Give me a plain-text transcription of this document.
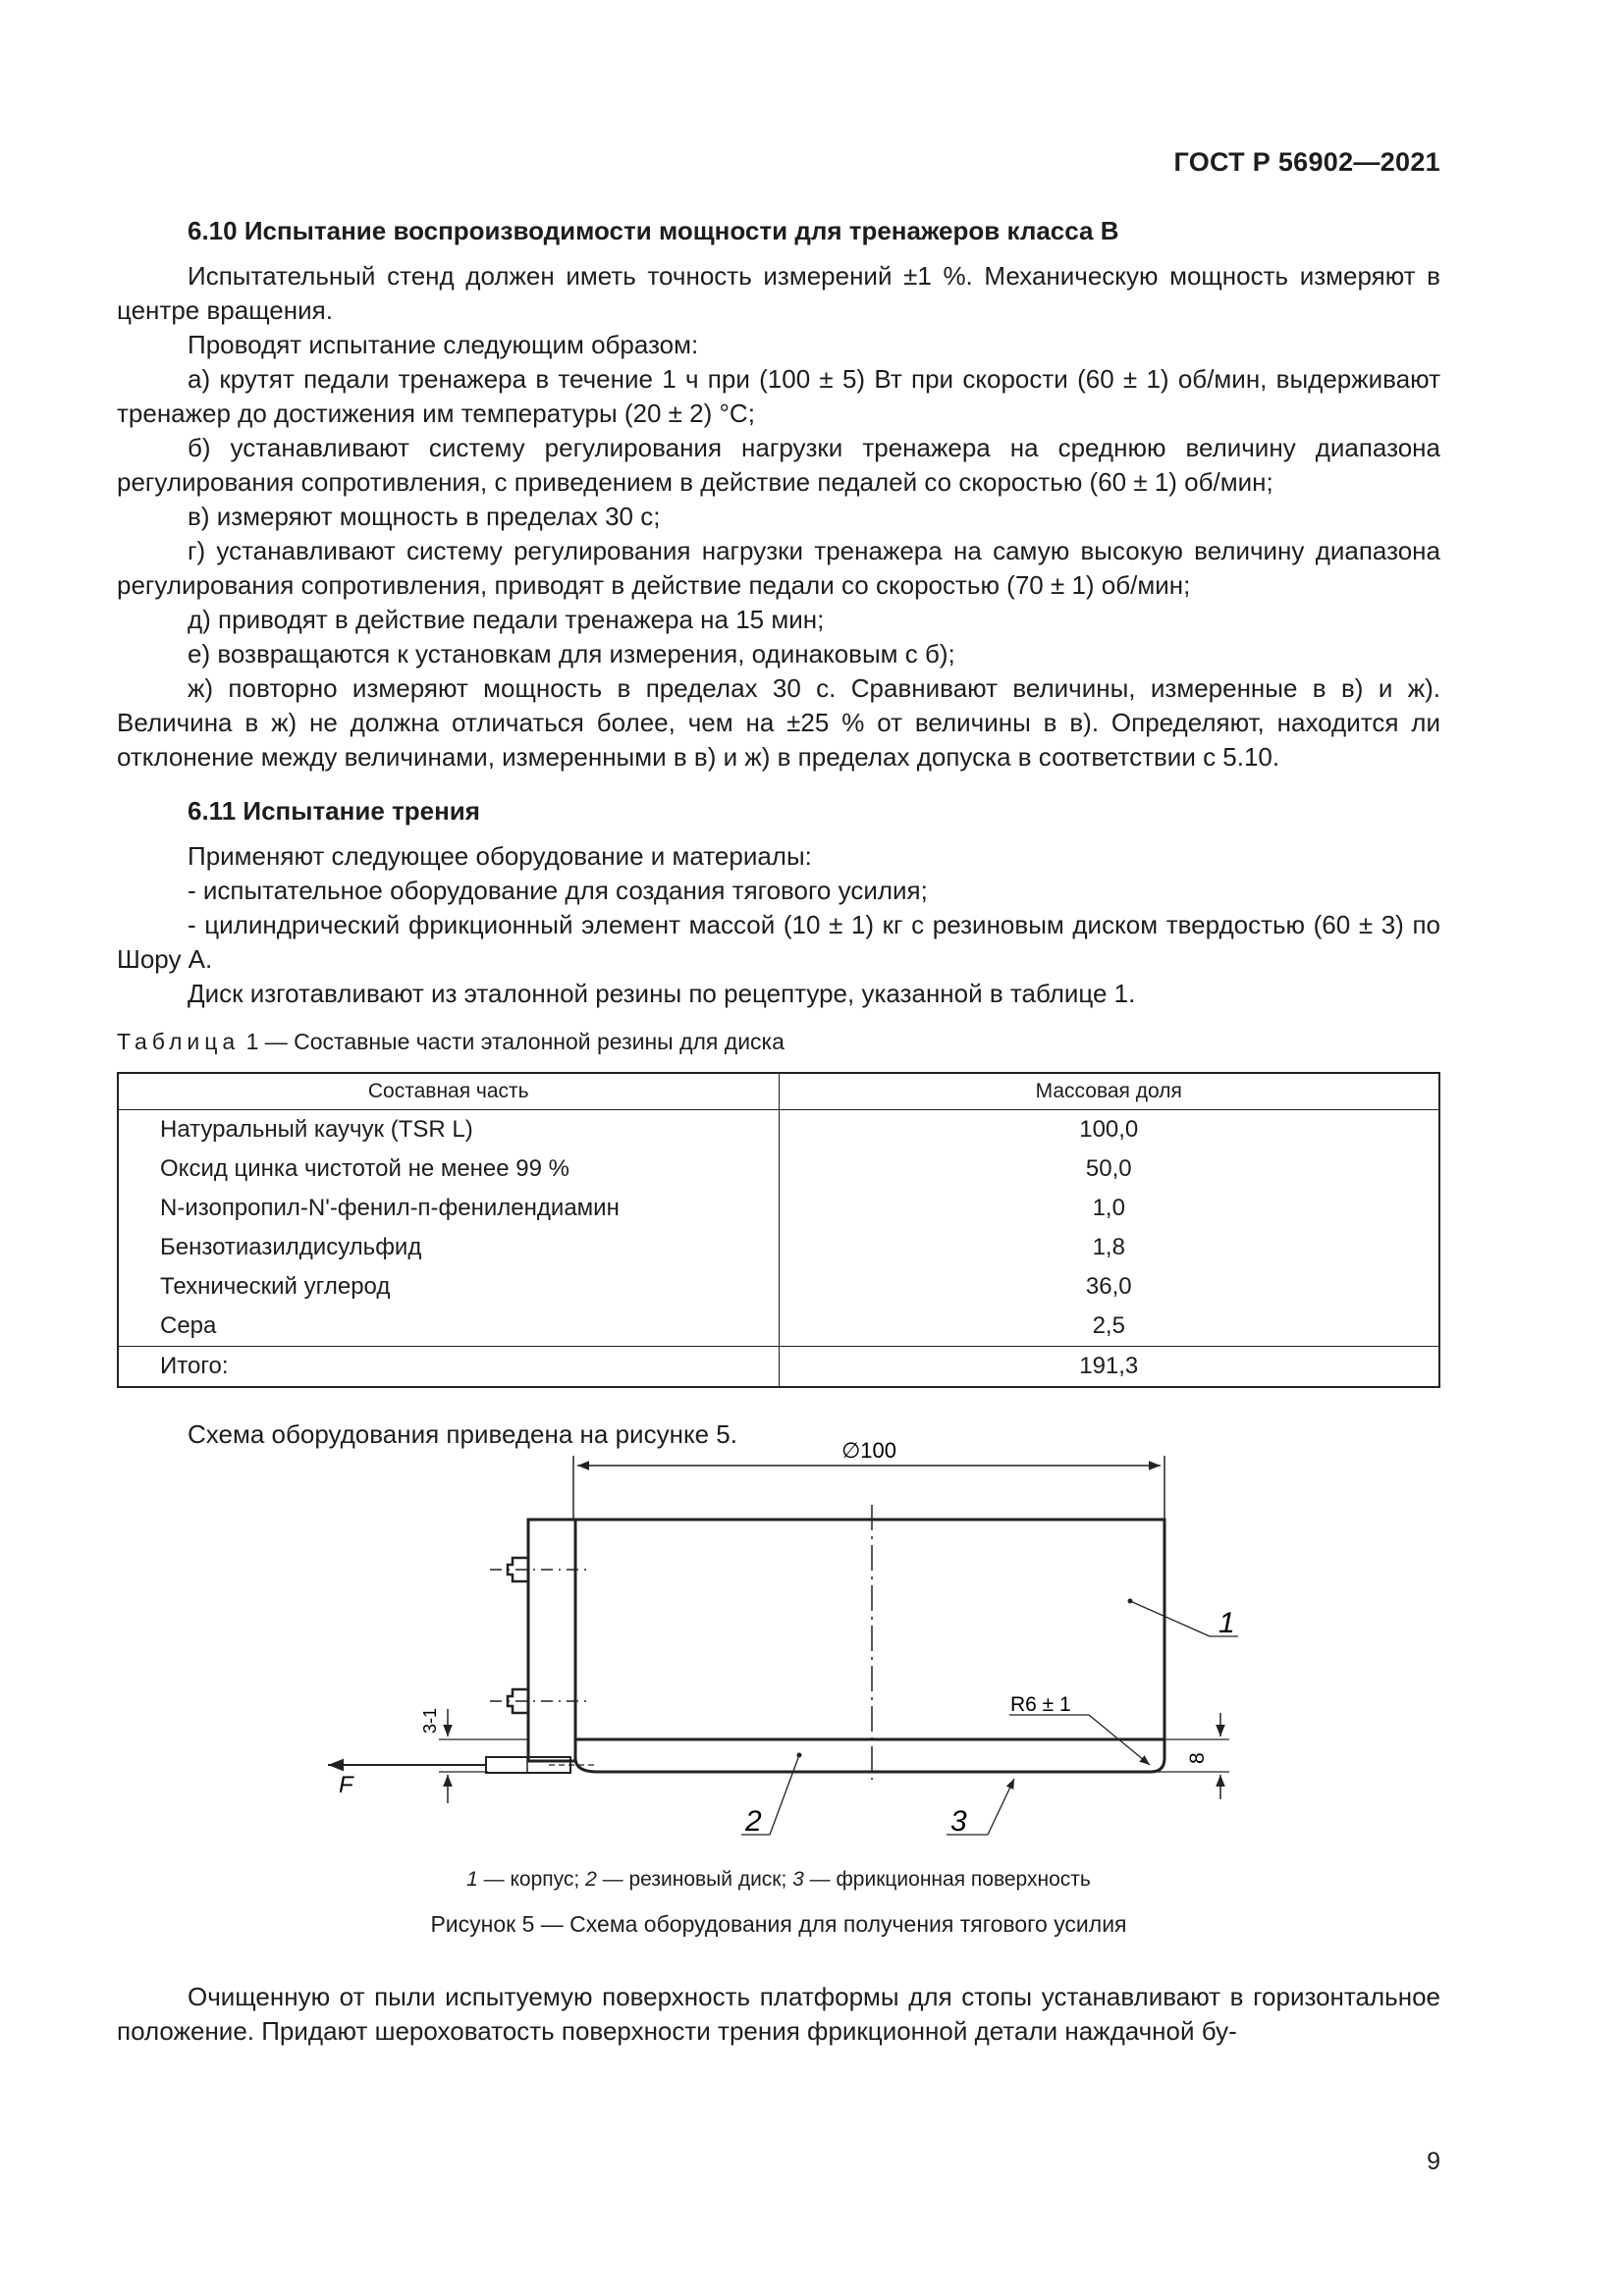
ГОСТ Р 56902—2021

6.10 Испытание воспроизводимости мощности для тренажеров класса В

Испытательный стенд должен иметь точность измерений ±1 %. Механическую мощность измеряют в центре вращения.

Проводят испытание следующим образом:

а) крутят педали тренажера в течение 1 ч при (100 ± 5) Вт при скорости (60 ± 1) об/мин, выдерживают тренажер до достижения им температуры (20 ± 2) °С;

б) устанавливают систему регулирования нагрузки тренажера на среднюю величину диапазона регулирования сопротивления, с приведением в действие педалей со скоростью (60 ± 1) об/мин;

в) измеряют мощность в пределах 30 с;

г) устанавливают систему регулирования нагрузки тренажера на самую высокую величину диапазона регулирования сопротивления, приводят в действие педали со скоростью (70 ± 1) об/мин;

д) приводят в действие педали тренажера на 15 мин;

е) возвращаются к установкам для измерения, одинаковым с б);

ж) повторно измеряют мощность в пределах 30 с. Сравнивают величины, измеренные в в) и ж). Величина в ж) не должна отличаться более, чем на ±25 % от величины в в). Определяют, находится ли отклонение между величинами, измеренными в в) и ж) в пределах допуска в соответствии с 5.10.

6.11 Испытание трения

Применяют следующее оборудование и материалы:

- испытательное оборудование для создания тягового усилия;

- цилиндрический фрикционный элемент массой (10 ± 1) кг с резиновым диском твердостью (60 ± 3) по Шору А.

Диск изготавливают из эталонной резины по рецептуре, указанной в таблице 1.

Таблица 1 — Составные части эталонной резины для диска

Составная часть	Массовая доля
Натуральный каучук (TSR L)	100,0
Оксид цинка чистотой не менее 99 %	50,0
N-изопропил-N'-фенил-п-фенилендиамин	1,0
Бензотиазилдисульфид	1,8
Технический углерод	36,0
Сера	2,5
Итого:	191,3

Схема оборудования приведена на рисунке 5.

∅100
F
3-1
8
R6 ± 1
1
2	3

1 — корпус; 2 — резиновый диск; 3 — фрикционная поверхность

Рисунок 5 — Схема оборудования для получения тягового усилия

Очищенную от пыли испытуемую поверхность платформы для стопы устанавливают в горизонтальное положение. Придают шероховатость поверхности трения фрикционной детали наждачной бу-

9
